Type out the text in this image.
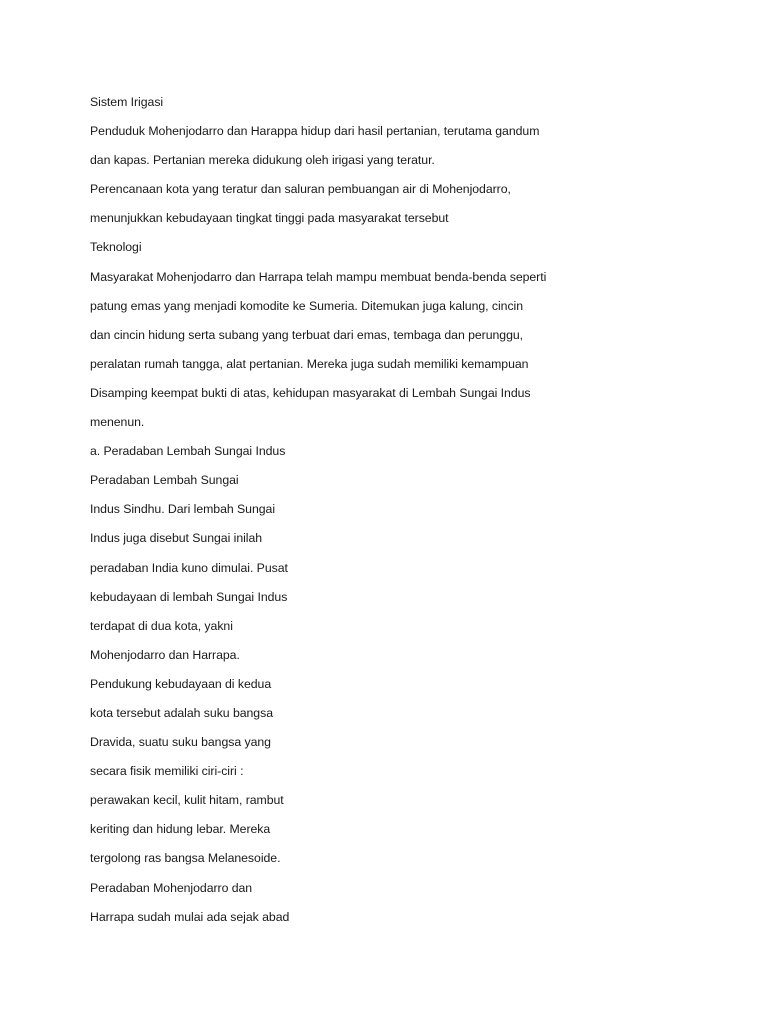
Sistem Irigasi
Penduduk Mohenjodarro dan Harappa hidup dari hasil pertanian, terutama gandum
dan kapas. Pertanian mereka didukung oleh irigasi yang teratur.
Perencanaan kota yang teratur dan saluran pembuangan air di Mohenjodarro,
menunjukkan kebudayaan tingkat tinggi pada masyarakat tersebut
Teknologi
Masyarakat Mohenjodarro dan Harrapa telah mampu membuat benda-benda seperti
patung emas yang menjadi komodite ke Sumeria. Ditemukan juga kalung, cincin
dan cincin hidung serta subang yang terbuat dari emas, tembaga dan perunggu,
peralatan rumah tangga, alat pertanian. Mereka juga sudah memiliki kemampuan
Disamping keempat bukti di atas, kehidupan masyarakat di Lembah Sungai Indus
menenun.
a. Peradaban Lembah Sungai Indus
Peradaban Lembah Sungai
Indus Sindhu. Dari lembah Sungai
Indus juga disebut Sungai inilah
peradaban India kuno dimulai. Pusat
kebudayaan di lembah Sungai Indus
terdapat di dua kota, yakni
Mohenjodarro dan Harrapa.
Pendukung kebudayaan di kedua
kota tersebut adalah suku bangsa
Dravida, suatu suku bangsa yang
secara fisik memiliki ciri-ciri :
perawakan kecil, kulit hitam, rambut
keriting dan hidung lebar. Mereka
tergolong ras bangsa Melanesoide.
Peradaban Mohenjodarro dan
Harrapa sudah mulai ada sejak abad
